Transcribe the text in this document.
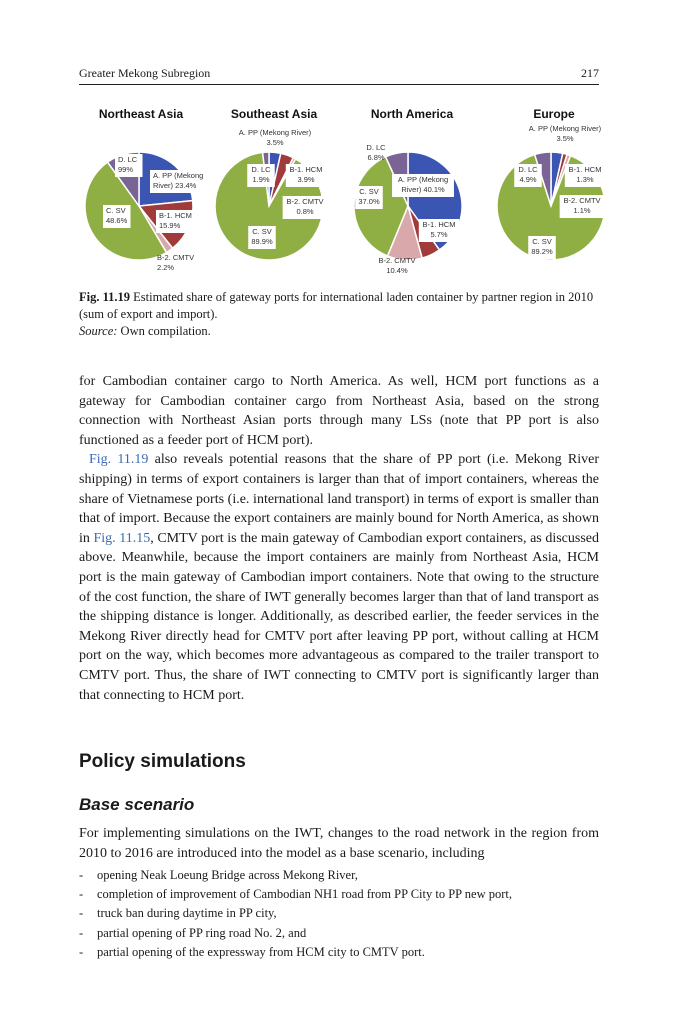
Greater Mekong Subregion	217
Northeast Asia
A. PP (Mekong
River) 23.4%
B-1. HCM
15.9%
B-2. CMTV
2.2%
C. SV
48.6%
D. LC
99%
Southeast Asia
A. PP (Mekong River)
3.5%
B-1. HCM
3.9%
B-2. CMTV
0.8%
C. SV
89.9%
D. LC
1.9%
North America
A. PP (Mekong
River) 40.1%
B-1. HCM
5.7%
B-2. CMTV
10.4%
C. SV
37.0%
D. LC
6.8%
Europe
A. PP (Mekong River)
3.5%
B-1. HCM
1.3%
B-2. CMTV
1.1%
C. SV
89.2%
D. LC
4.9%
Fig. 11.19 Estimated share of gateway ports for international laden container by partner region in 2010 (sum of export and import).
Source: Own compilation.

for Cambodian container cargo to North America. As well, HCM port functions as a gateway for Cambodian container cargo from Northeast Asia, based on the strong connection with Northeast Asian ports through many LSs (note that PP port is also functioned as a feeder port of HCM port).

Fig. 11.19 also reveals potential reasons that the share of PP port (i.e. Mekong River shipping) in terms of export containers is larger than that of import containers, whereas the share of Vietnamese ports (i.e. international land transport) in terms of export is smaller than that of import. Because the export containers are mainly bound for North America, as shown in Fig. 11.15, CMTV port is the main gateway of Cambodian export containers, as discussed above. Meanwhile, because the import containers are mainly from Northeast Asia, HCM port is the main gateway of Cambodian import containers. Note that owing to the structure of the cost function, the share of IWT generally becomes larger than that of land transport as the shipping distance is longer. Additionally, as described earlier, the feeder services in the Mekong River directly head for CMTV port after leaving PP port, without calling at HCM port on the way, which becomes more advantageous as compared to the trailer transport to CMTV port. Thus, the share of IWT connecting to CMTV port is significantly larger than that connecting to HCM port.

Policy simulations
Base scenario

For implementing simulations on the IWT, changes to the road network in the region from 2010 to 2016 are introduced into the model as a base scenario, including

- opening Neak Loeung Bridge across Mekong River,
- completion of improvement of Cambodian NH1 road from PP City to PP new port,
- truck ban during daytime in PP city,
- partial opening of PP ring road No. 2, and
- partial opening of the expressway from HCM city to CMTV port.
